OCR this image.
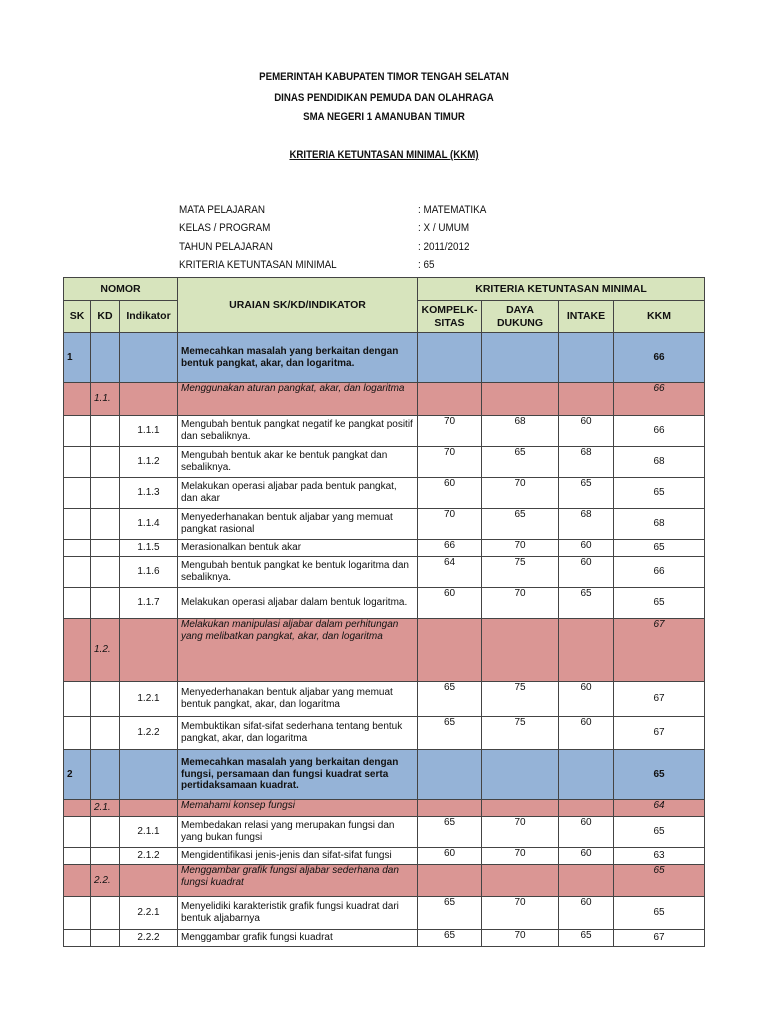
PEMERINTAH KABUPATEN TIMOR TENGAH SELATAN
DINAS PENDIDIKAN PEMUDA DAN OLAHRAGA
SMA NEGERI 1 AMANUBAN TIMUR
KRITERIA KETUNTASAN MINIMAL (KKM)
MATA PELAJARAN	: MATEMATIKA
KELAS / PROGRAM	: X / UMUM
TAHUN PELAJARAN	: 2011/2012
KRITERIA KETUNTASAN MINIMAL	: 65
NOMOR			URAIAN SK/KD/INDIKATOR	KRITERIA KETUNTASAN MINIMAL			
SK	KD	Indikator		KOMPELK-SITAS	DAYA DUKUNG	INTAKE	KKM
1			Memecahkan masalah yang berkaitan dengan bentuk pangkat, akar, dan logaritma.				66
	1.1.		Menggunakan aturan pangkat, akar, dan logaritma				66
		1.1.1	Mengubah bentuk pangkat negatif ke pangkat positif dan sebaliknya.	70	68	60	66
		1.1.2	Mengubah bentuk akar ke bentuk pangkat dan sebaliknya.	70	65	68	68
		1.1.3	Melakukan operasi aljabar pada bentuk pangkat, dan akar	60	70	65	65
		1.1.4	Menyederhanakan bentuk aljabar yang memuat pangkat rasional	70	65	68	68
		1.1.5	Merasionalkan bentuk akar	66	70	60	65
		1.1.6	Mengubah bentuk pangkat ke bentuk logaritma dan sebaliknya.	64	75	60	66
		1.1.7	Melakukan operasi aljabar dalam bentuk logaritma.	60	70	65	65
	1.2.		Melakukan manipulasi aljabar dalam perhitungan yang melibatkan pangkat, akar, dan logaritma				67
		1.2.1	Menyederhanakan bentuk aljabar yang memuat bentuk pangkat, akar, dan logaritma	65	75	60	67
		1.2.2	Membuktikan sifat-sifat sederhana tentang bentuk pangkat, akar, dan logaritma	65	75	60	67
2			Memecahkan masalah yang berkaitan dengan fungsi, persamaan dan fungsi kuadrat serta pertidaksamaan kuadrat.				65
	2.1.		Memahami konsep fungsi				64
		2.1.1	Membedakan relasi yang merupakan fungsi dan yang bukan fungsi	65	70	60	65
		2.1.2	Mengidentifikasi jenis-jenis dan sifat-sifat fungsi	60	70	60	63
	2.2.		Menggambar grafik fungsi aljabar sederhana dan fungsi kuadrat				65
		2.2.1	Menyelidiki karakteristik grafik fungsi kuadrat dari bentuk aljabarnya	65	70	60	65
		2.2.2	Menggambar grafik fungsi kuadrat	65	70	65	67
